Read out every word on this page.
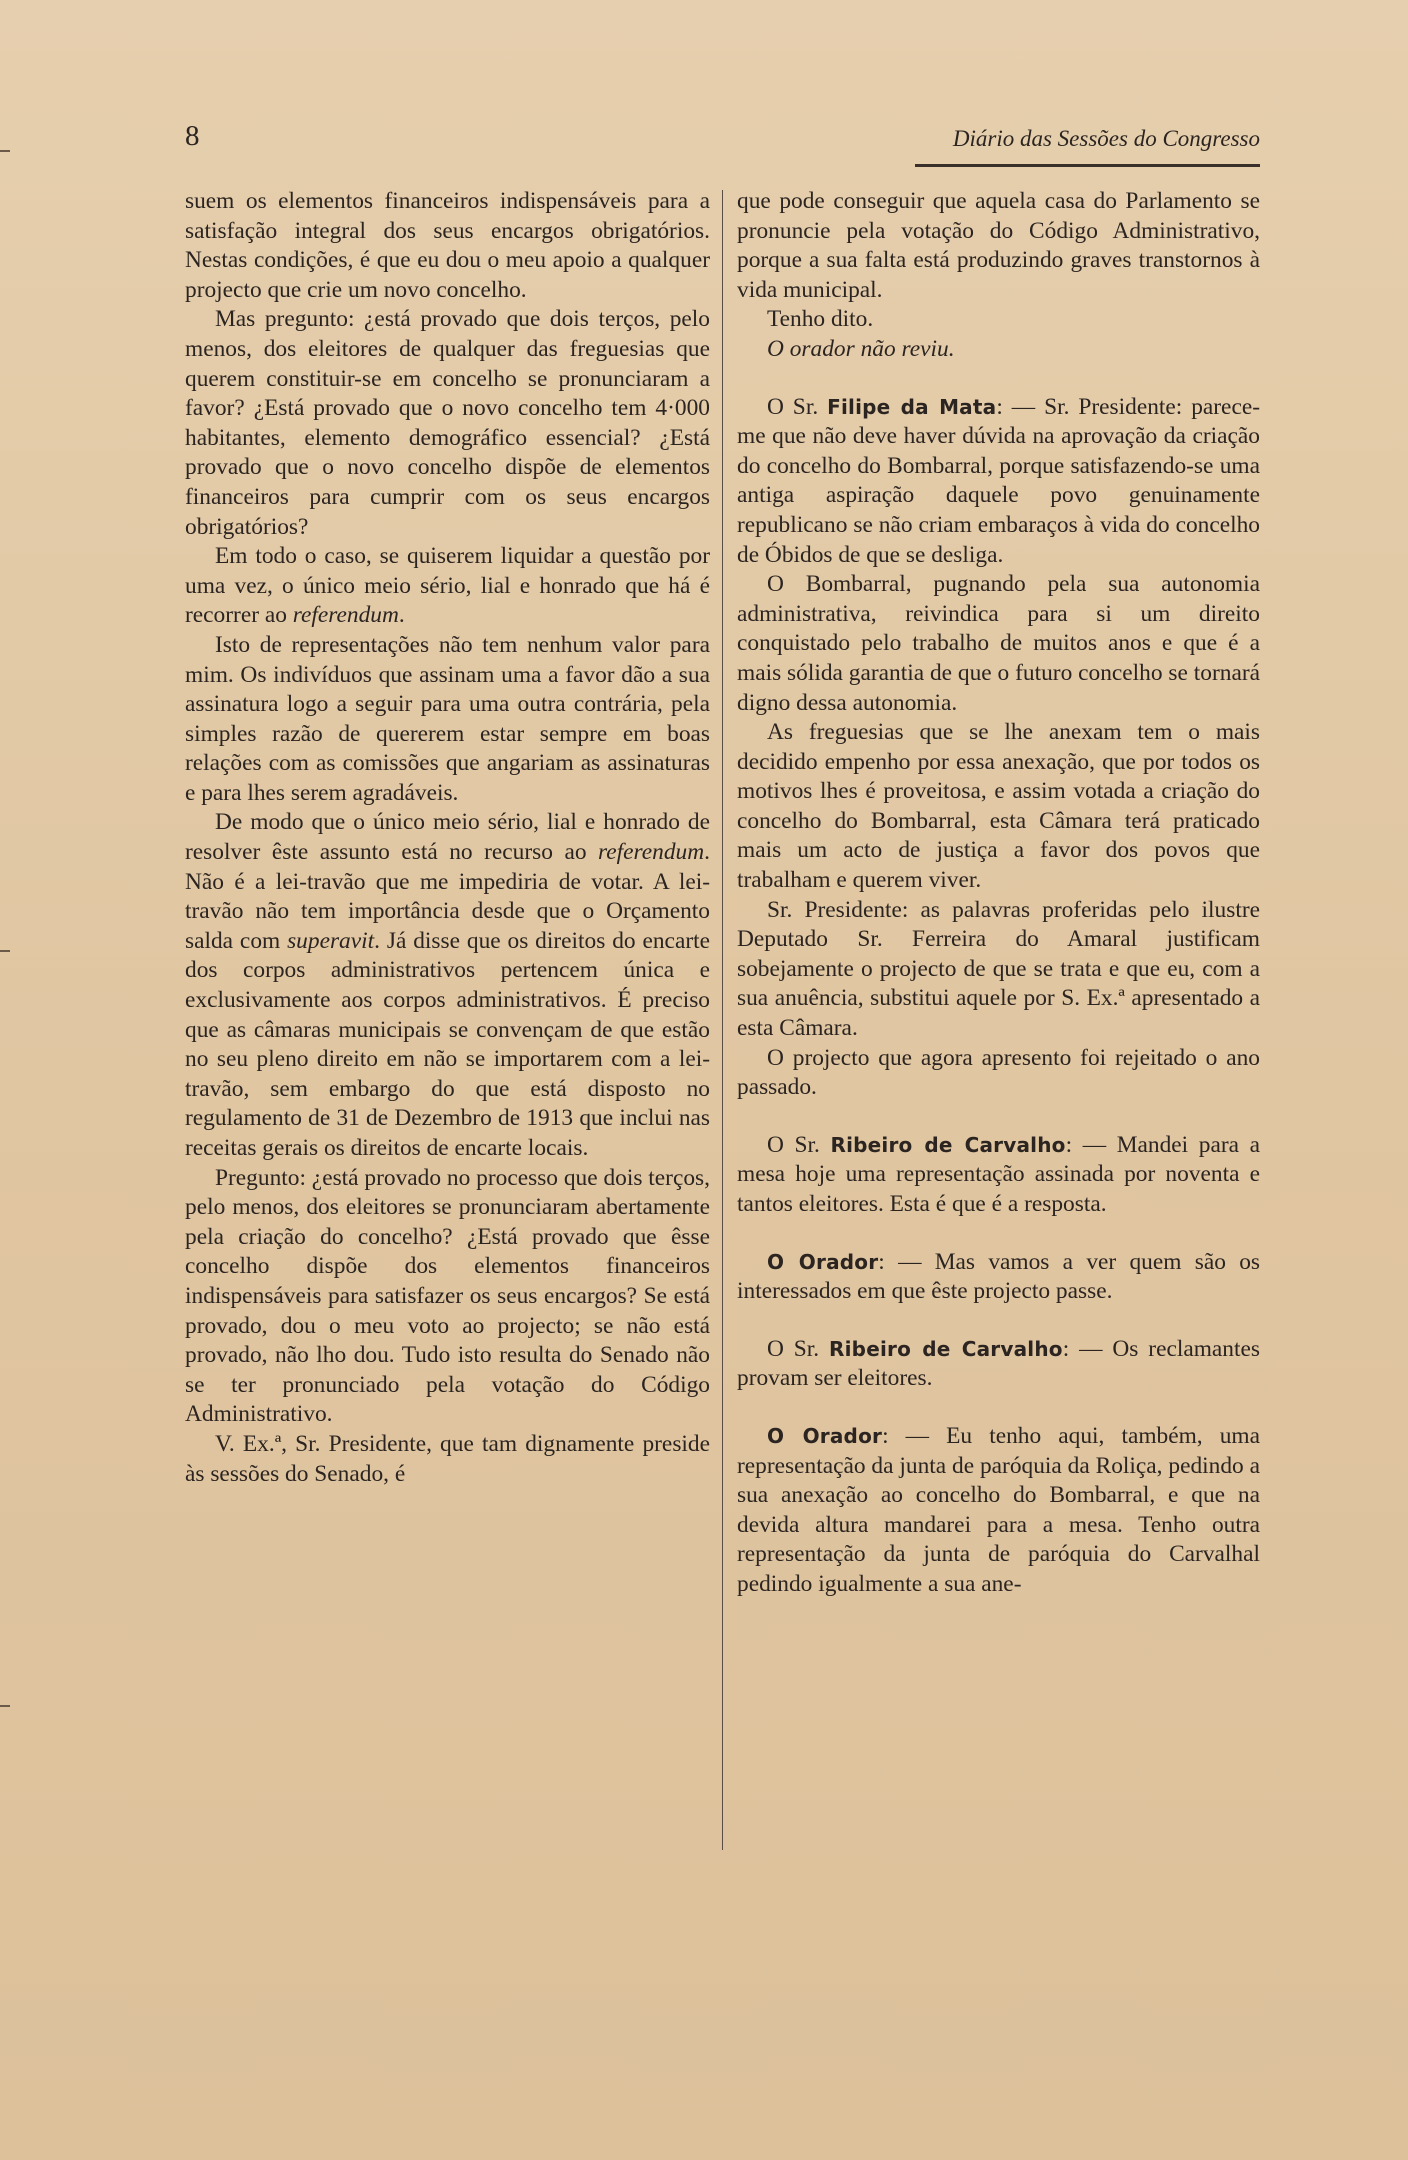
8	Diário das Sessões do Congresso

suem os elementos financeiros indispensáveis para a satisfação integral dos seus encargos obrigatórios. Nestas condições, é que eu dou o meu apoio a qualquer projecto que crie um novo concelho.

Mas pregunto: ¿está provado que dois terços, pelo menos, dos eleitores de qualquer das freguesias que querem constituir-se em concelho se pronunciaram a favor? ¿Está provado que o novo concelho tem 4·000 habitantes, elemento demográfico essencial? ¿Está provado que o novo concelho dispõe de elementos financeiros para cumprir com os seus encargos obrigatórios?

Em todo o caso, se quiserem liquidar a questão por uma vez, o único meio sério, lial e honrado que há é recorrer ao referendum.

Isto de representações não tem nenhum valor para mim. Os indivíduos que assinam uma a favor dão a sua assinatura logo a seguir para uma outra contrária, pela simples razão de quererem estar sempre em boas relações com as comissões que angariam as assinaturas e para lhes serem agradáveis.

De modo que o único meio sério, lial e honrado de resolver êste assunto está no recurso ao referendum. Não é a lei-travão que me impediria de votar. A lei-travão não tem importância desde que o Orçamento salda com superavit. Já disse que os direitos do encarte dos corpos administrativos pertencem única e exclusivamente aos corpos administrativos. É preciso que as câmaras municipais se convençam de que estão no seu pleno direito em não se importarem com a lei-travão, sem embargo do que está disposto no regulamento de 31 de Dezembro de 1913 que inclui nas receitas gerais os direitos de encarte locais.

Pregunto: ¿está provado no processo que dois terços, pelo menos, dos eleitores se pronunciaram abertamente pela criação do concelho? ¿Está provado que êsse concelho dispõe dos elementos financeiros indispensáveis para satisfazer os seus encargos? Se está provado, dou o meu voto ao projecto; se não está provado, não lho dou. Tudo isto resulta do Senado não se ter pronunciado pela votação do Código Administrativo.

V. Ex.ª, Sr. Presidente, que tam dignamente preside às sessões do Senado, é

que pode conseguir que aquela casa do Parlamento se pronuncie pela votação do Código Administrativo, porque a sua falta está produzindo graves transtornos à vida municipal.

Tenho dito.

O orador não reviu.

O Sr. Filipe da Mata: — Sr. Presidente: parece-me que não deve haver dúvida na aprovação da criação do concelho do Bombarral, porque satisfazendo-se uma antiga aspiração daquele povo genuinamente republicano se não criam embaraços à vida do concelho de Óbidos de que se desliga.

O Bombarral, pugnando pela sua autonomia administrativa, reivindica para si um direito conquistado pelo trabalho de muitos anos e que é a mais sólida garantia de que o futuro concelho se tornará digno dessa autonomia.

As freguesias que se lhe anexam tem o mais decidido empenho por essa anexação, que por todos os motivos lhes é proveitosa, e assim votada a criação do concelho do Bombarral, esta Câmara terá praticado mais um acto de justiça a favor dos povos que trabalham e querem viver.

Sr. Presidente: as palavras proferidas pelo ilustre Deputado Sr. Ferreira do Amaral justificam sobejamente o projecto de que se trata e que eu, com a sua anuência, substitui aquele por S. Ex.ª apresentado a esta Câmara.

O projecto que agora apresento foi rejeitado o ano passado.

O Sr. Ribeiro de Carvalho: — Mandei para a mesa hoje uma representação assinada por noventa e tantos eleitores. Esta é que é a resposta.

O Orador: — Mas vamos a ver quem são os interessados em que êste projecto passe.

O Sr. Ribeiro de Carvalho: — Os reclamantes provam ser eleitores.

O Orador: — Eu tenho aqui, também, uma representação da junta de paróquia da Roliça, pedindo a sua anexação ao concelho do Bombarral, e que na devida altura mandarei para a mesa. Tenho outra representação da junta de paróquia do Carvalhal pedindo igualmente a sua ane-
